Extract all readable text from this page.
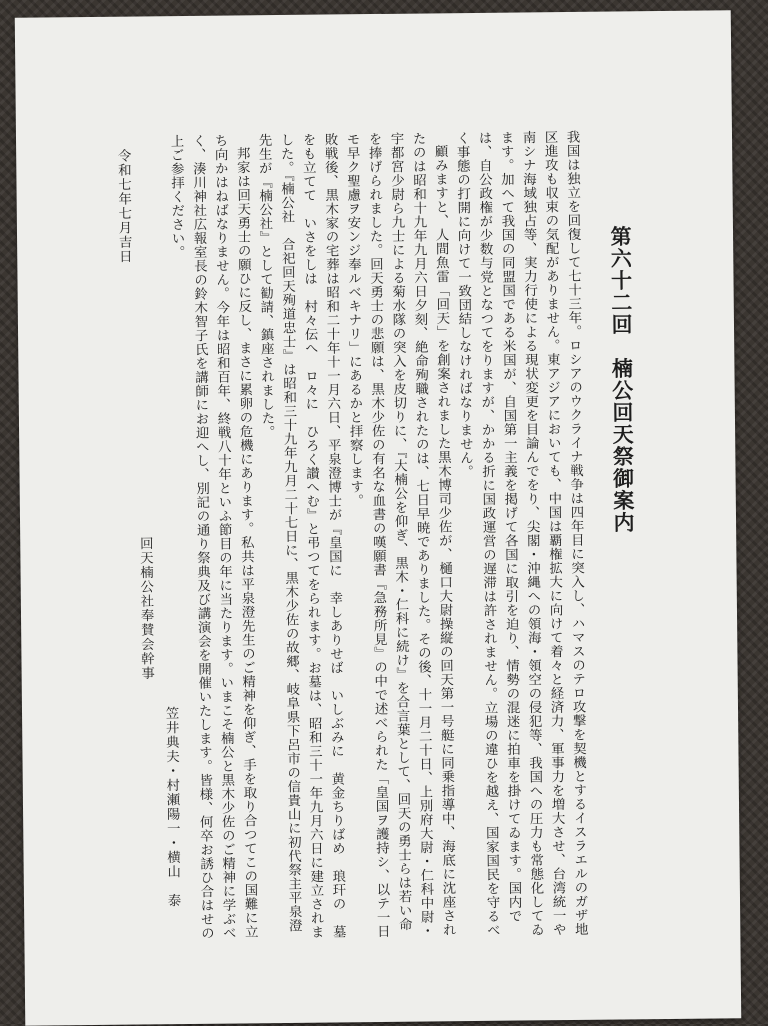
第六十二回　楠公回天祭御案内

我国は独立を回復して七十三年。ロシアのウクライナ戦争は四年目に突入し、ハマスのテロ攻撃を契機とするイスラエルのガザ地区進攻も収束の気配がありません。東アジアにおいても、中国は覇権拡大に向けて着々と経済力、軍事力を増大させ、台湾統一や南シナ海域独占等、実力行使による現状変更を目論んでをり、尖閣・沖縄への領海・領空の侵犯等、我国への圧力も常態化してゐます。加へて我国の同盟国である米国が、自国第一主義を掲げて各国に取引を迫り、情勢の混迷に拍車を掛けてゐます。国内では、自公政権が少数与党となつてをりますが、かかる折に国政運営の遅滞は許されません。立場の違ひを越え、国家国民を守るべく事態の打開に向けて一致団結しなければなりません。

顧みますと、人間魚雷「回天」を創案されました黒木博司少佐が、樋口大尉操縦の回天第一号艇に同乗指導中、海底に沈座されたのは昭和十九年九月六日夕刻、絶命殉職されたのは、七日早暁でありました。その後、十一月二十日、上別府大尉・仁科中尉・宇都宮少尉ら九士による菊水隊の突入を皮切りに、『大楠公を仰ぎ、黒木・仁科に続け』を合言葉として、回天の勇士らは若い命を捧げられました。回天勇士の悲願は、黒木少佐の有名な血書の嘆願書『急務所見』の中で述べられた「皇国ヲ護持シ、以テ一日モ早ク聖慮ヲ安ンジ奉ルベキナリ」にあるかと拝察します。

敗戦後、黒木家の宅葬は昭和二十年十一月六日、平泉澄博士が『皇国に　幸しありせば　いしぶみに　黄金ちりばめ　琅玕の　墓をも立てて　いさをしは　村々伝へ　ロ々に　ひろく讃へむ』と弔つてをられます。お墓は、昭和三十一年九月六日に建立されました。『楠公社　合祀回天殉道忠士』は昭和三十九年九月二十七日に、黒木少佐の故郷、岐阜県下呂市の信貴山に初代祭主平泉澄先生が『楠公社』として勧請、鎮座されました。

邦家は回天勇士の願ひに反し、まさに累卵の危機にあります。私共は平泉澄先生のご精神を仰ぎ、手を取り合つてこの国難に立ち向かはねばなりません。今年は昭和百年、終戦八十年といふ節目の年に当たります。いまこそ楠公と黒木少佐のご精神に学ぶべく、湊川神社広報室長の鈴木智子氏を講師にお迎へし、別記の通り祭典及び講演会を開催いたします。皆様、何卒お誘ひ合はせの上ご参拝ください。

令和七年七月吉日
回天楠公社奉賛会幹事
笠井典夫・村瀬陽一・横山　泰
